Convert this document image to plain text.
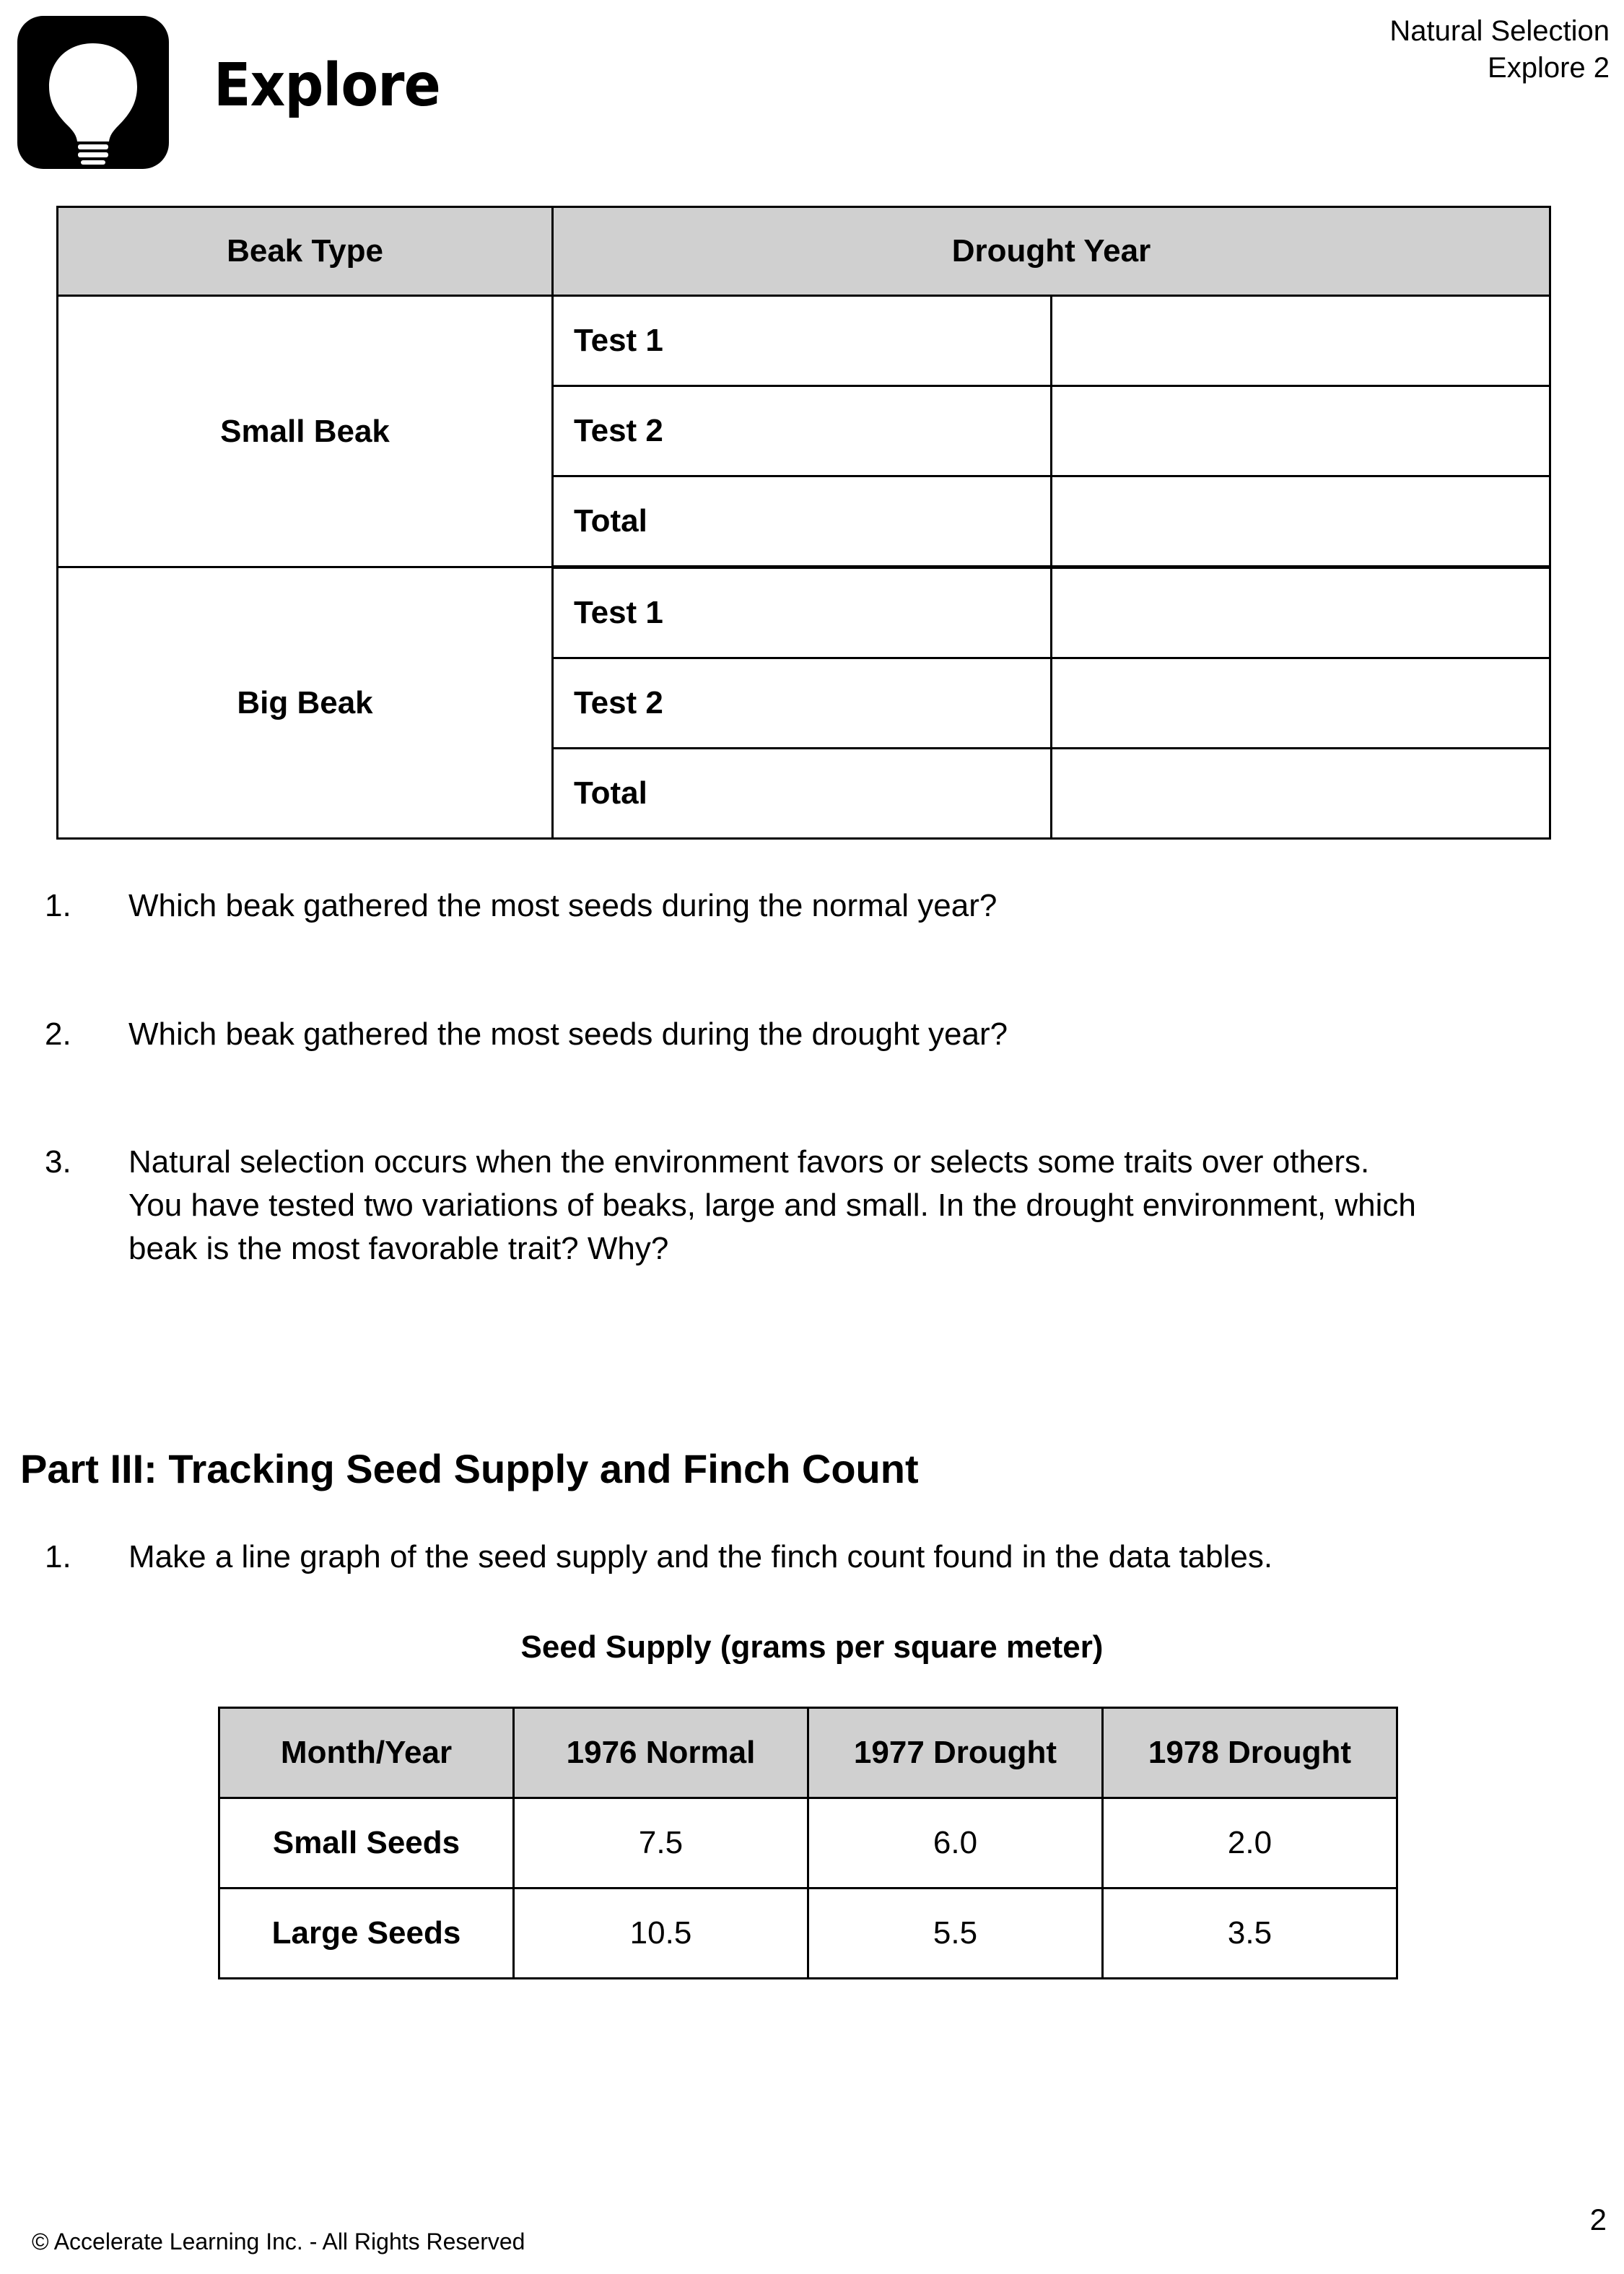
Explore
Natural Selection
Explore 2
Beak Type	Drought Year	
Small Beak	Test 1	
	Test 2	
	Total	
Big Beak	Test 1	
	Test 2	
	Total	
1. Which beak gathered the most seeds during the normal year?
2. Which beak gathered the most seeds during the drought year?
3. Natural selection occurs when the environment favors or selects some traits over others.
You have tested two variations of beaks, large and small. In the drought environment, which
beak is the most favorable trait? Why?
Part III: Tracking Seed Supply and Finch Count
1. Make a line graph of the seed supply and the finch count found in the data tables.
Seed Supply (grams per square meter)
Month/Year	1976 Normal	1977 Drought	1978 Drought
Small Seeds	7.5	6.0	2.0
Large Seeds	10.5	5.5	3.5
© Accelerate Learning Inc. - All Rights Reserved
2
